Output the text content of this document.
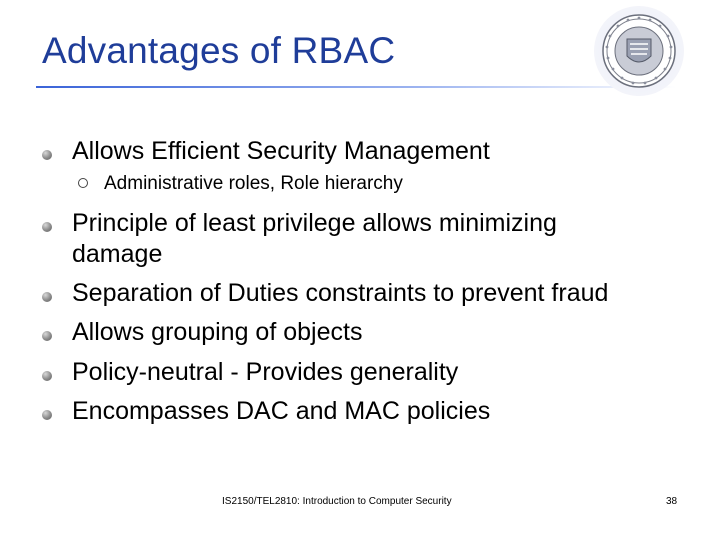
Advantages of RBAC
Allows Efficient Security Management
Administrative roles, Role hierarchy
Principle of least privilege allows minimizing
damage
Separation of Duties constraints to prevent fraud
Allows grouping of objects
Policy-neutral - Provides generality
Encompasses DAC and MAC policies
IS2150/TEL2810: Introduction to Computer Security	38
